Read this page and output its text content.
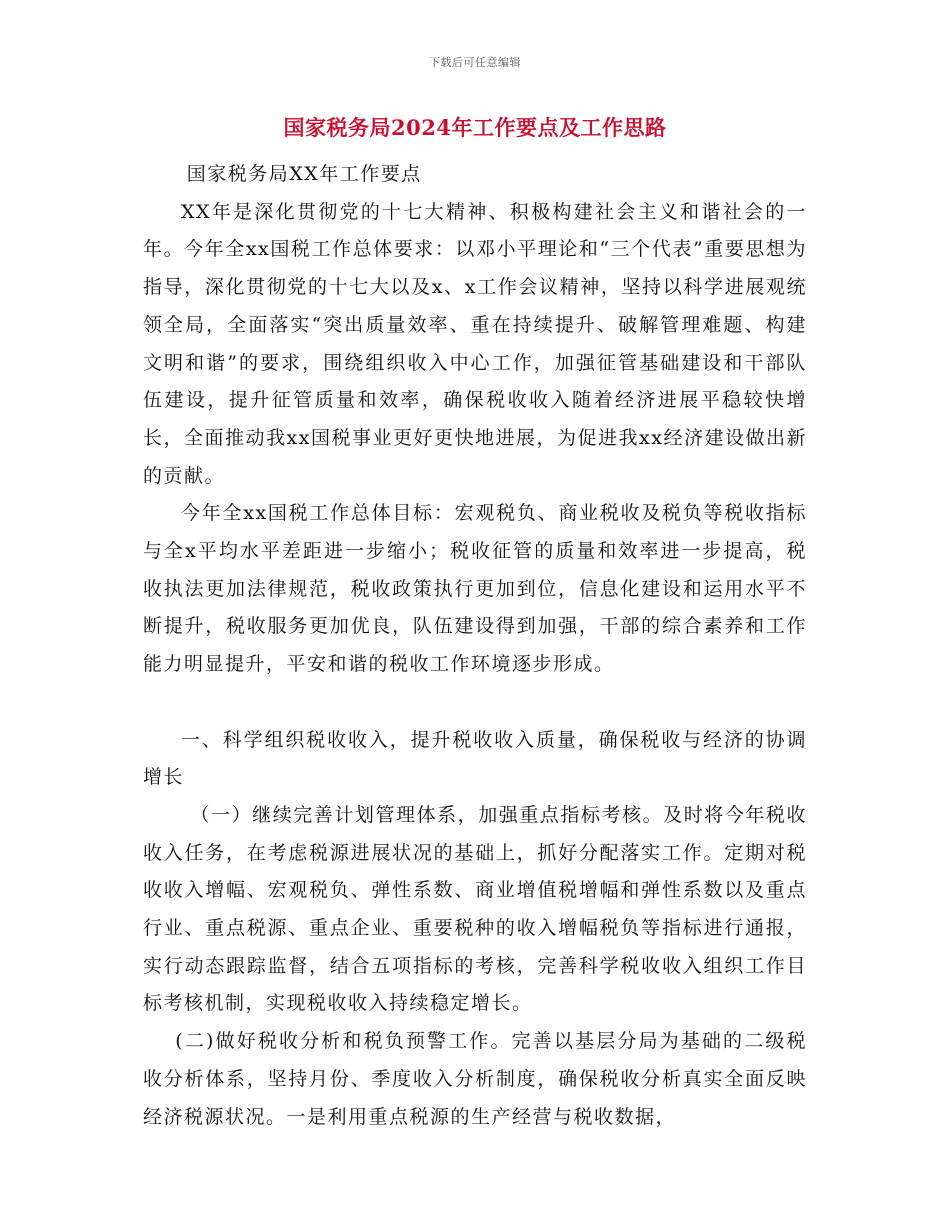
下载后可任意编辑
国家税务局2024年工作要点及工作思路

国家税务局XX年工作要点

XX年是深化贯彻党的十七大精神、积极构建社会主义和谐社会的一年。今年全xx国税工作总体要求：以邓小平理论和“三个代表”重要思想为指导，深化贯彻党的十七大以及x、x工作会议精神，坚持以科学进展观统领全局，全面落实“突出质量效率、重在持续提升、破解管理难题、构建文明和谐”的要求，围绕组织收入中心工作，加强征管基础建设和干部队伍建设，提升征管质量和效率，确保税收收入随着经济进展平稳较快增长，全面推动我xx国税事业更好更快地进展，为促进我xx经济建设做出新的贡献。

今年全xx国税工作总体目标：宏观税负、商业税收及税负等税收指标与全x平均水平差距进一步缩小；税收征管的质量和效率进一步提高，税收执法更加法律规范，税收政策执行更加到位，信息化建设和运用水平不断提升，税收服务更加优良，队伍建设得到加强，干部的综合素养和工作能力明显提升，平安和谐的税收工作环境逐步形成。

一、科学组织税收收入，提升税收收入质量，确保税收与经济的协调增长

（一）继续完善计划管理体系，加强重点指标考核。及时将今年税收收入任务，在考虑税源进展状况的基础上，抓好分配落实工作。定期对税收收入增幅、宏观税负、弹性系数、商业增值税增幅和弹性系数以及重点行业、重点税源、重点企业、重要税种的收入增幅税负等指标进行通报，实行动态跟踪监督，结合五项指标的考核，完善科学税收收入组织工作目标考核机制，实现税收收入持续稳定增长。

(二)做好税收分析和税负预警工作。完善以基层分局为基础的二级税收分析体系，坚持月份、季度收入分析制度，确保税收分析真实全面反映经济税源状况。一是利用重点税源的生产经营与税收数据，
